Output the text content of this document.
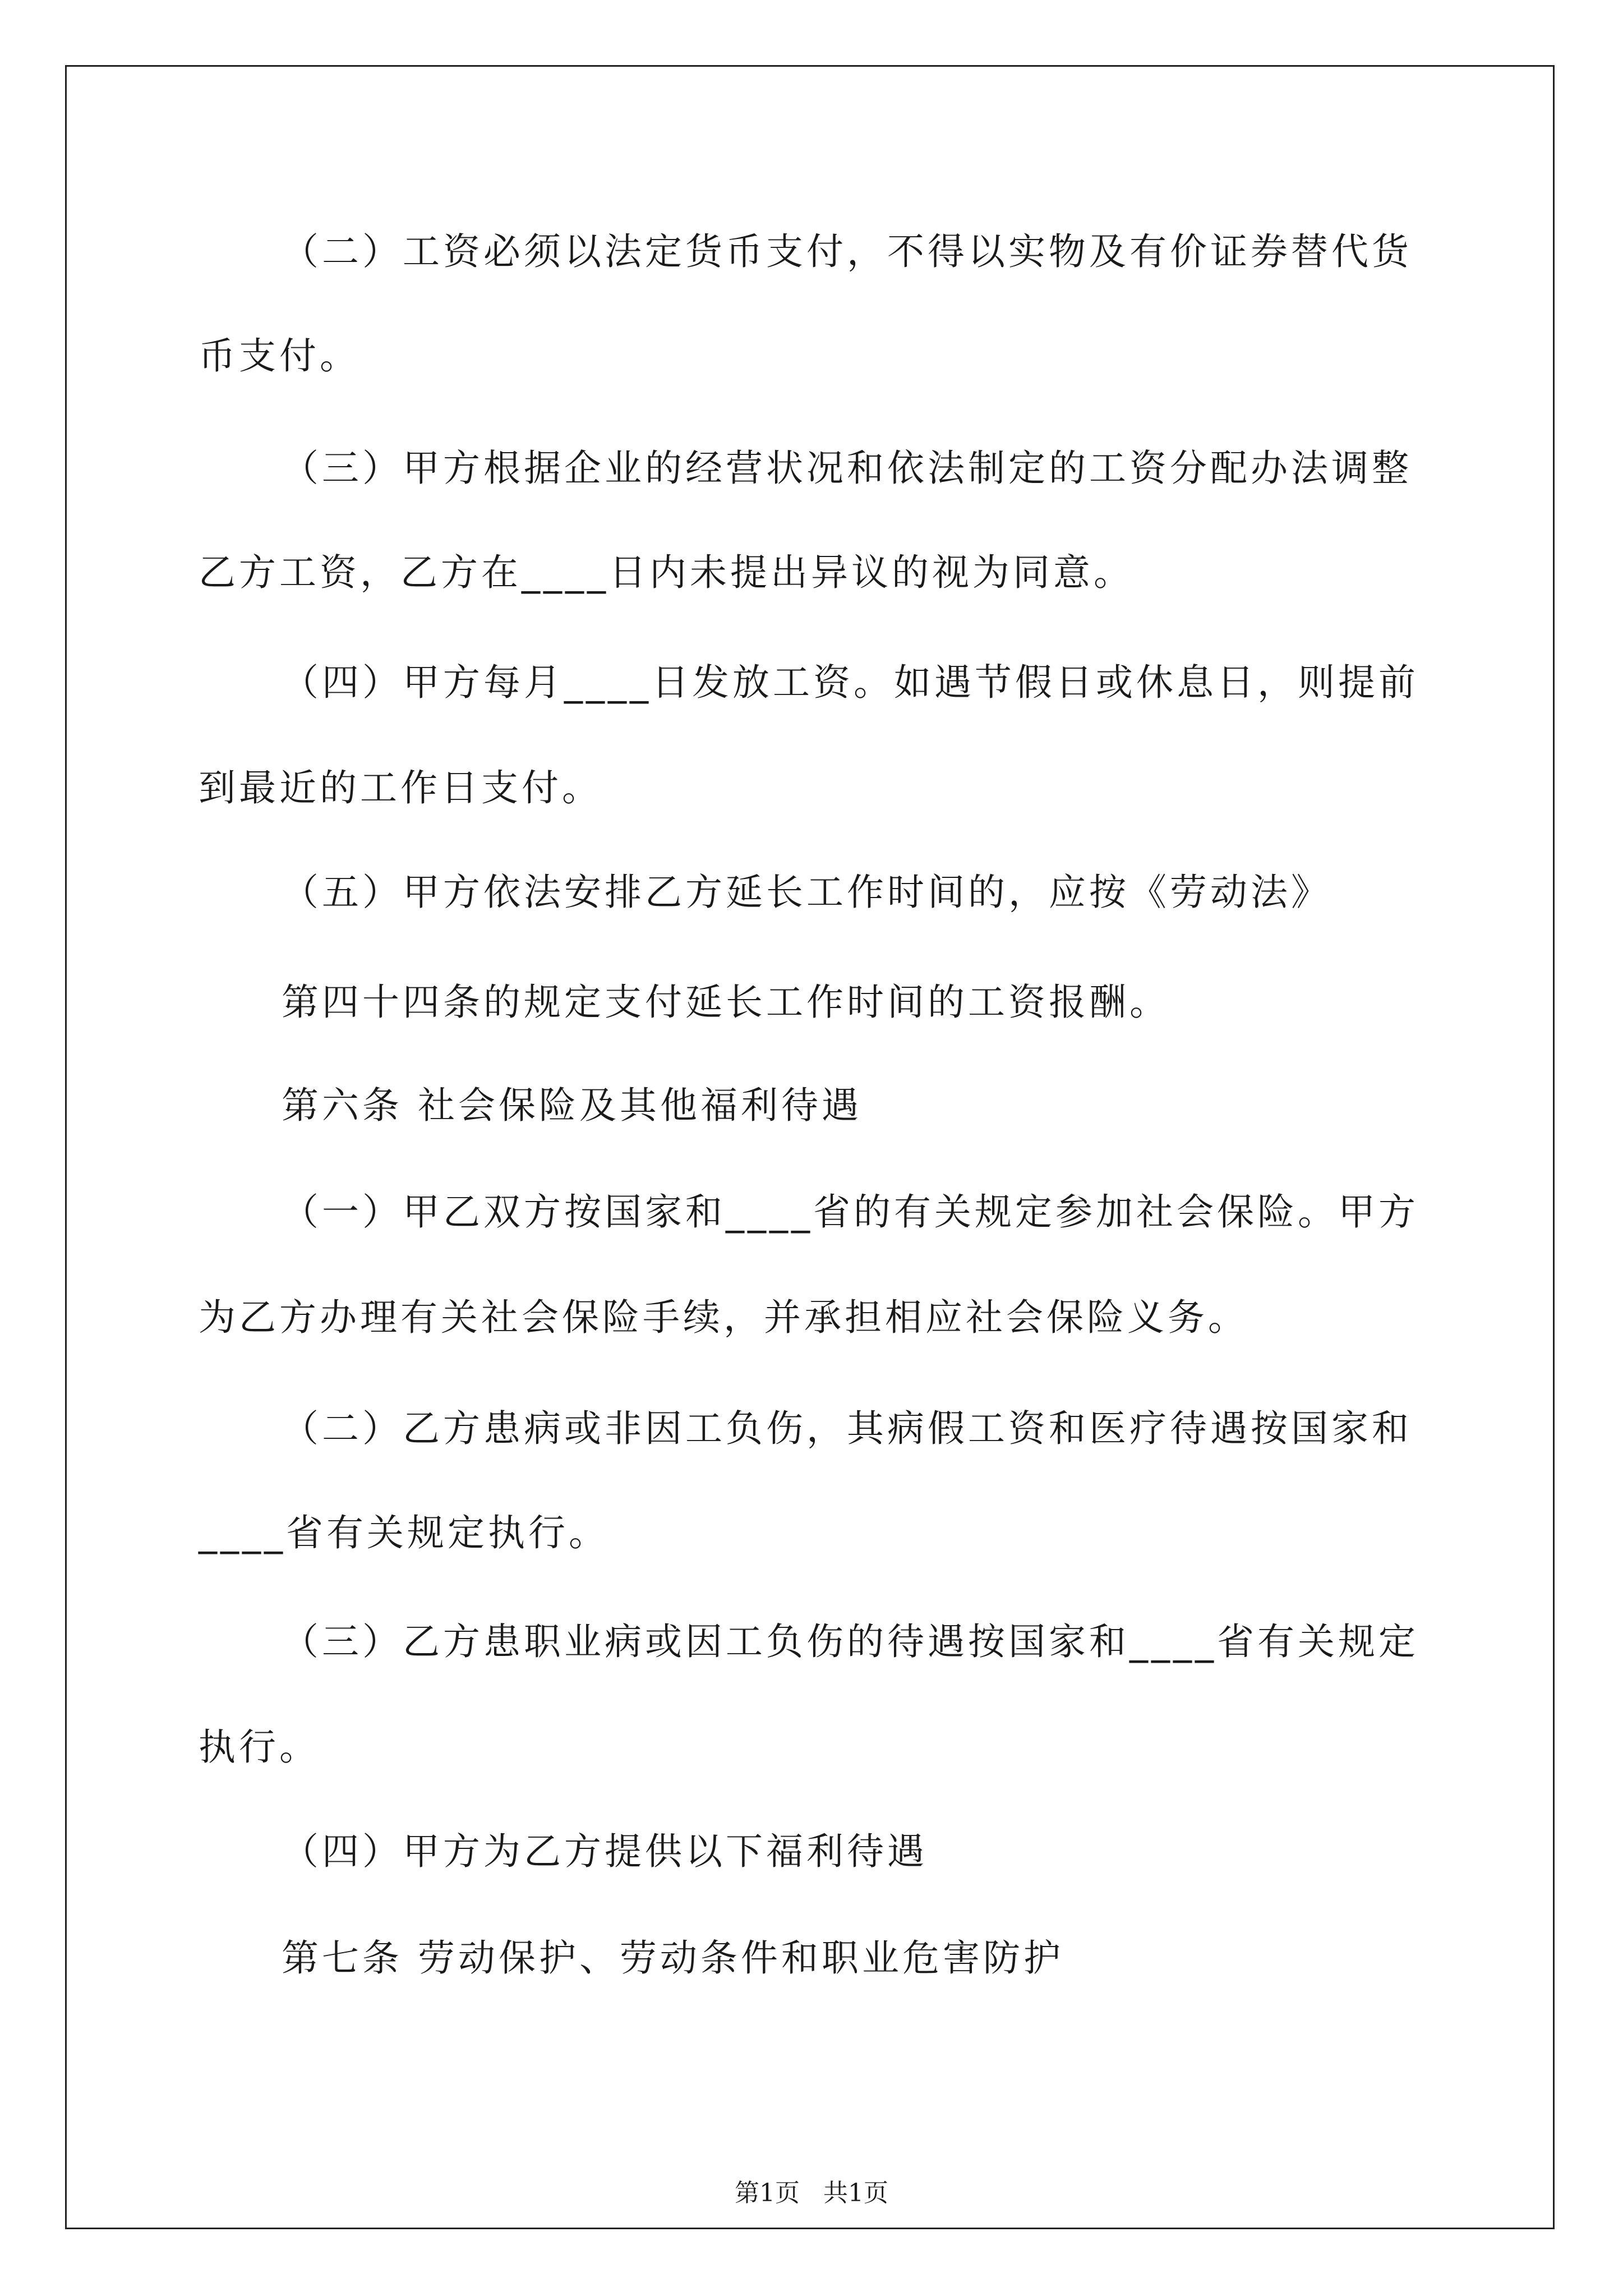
（二）工资必须以法定货币支付，不得以实物及有价证券替代货
币支付。
（三）甲方根据企业的经营状况和依法制定的工资分配办法调整
乙方工资，乙方在____日内未提出异议的视为同意。
（四）甲方每月____日发放工资。如遇节假日或休息日，则提前
到最近的工作日支付。
（五）甲方依法安排乙方延长工作时间的，应按《劳动法》
第四十四条的规定支付延长工作时间的工资报酬。
第六条 社会保险及其他福利待遇
（一）甲乙双方按国家和____省的有关规定参加社会保险。甲方
为乙方办理有关社会保险手续，并承担相应社会保险义务。
（二）乙方患病或非因工负伤，其病假工资和医疗待遇按国家和
____省有关规定执行。
（三）乙方患职业病或因工负伤的待遇按国家和____省有关规定
执行。
（四）甲方为乙方提供以下福利待遇
第七条 劳动保护、劳动条件和职业危害防护
第1页 共1页
